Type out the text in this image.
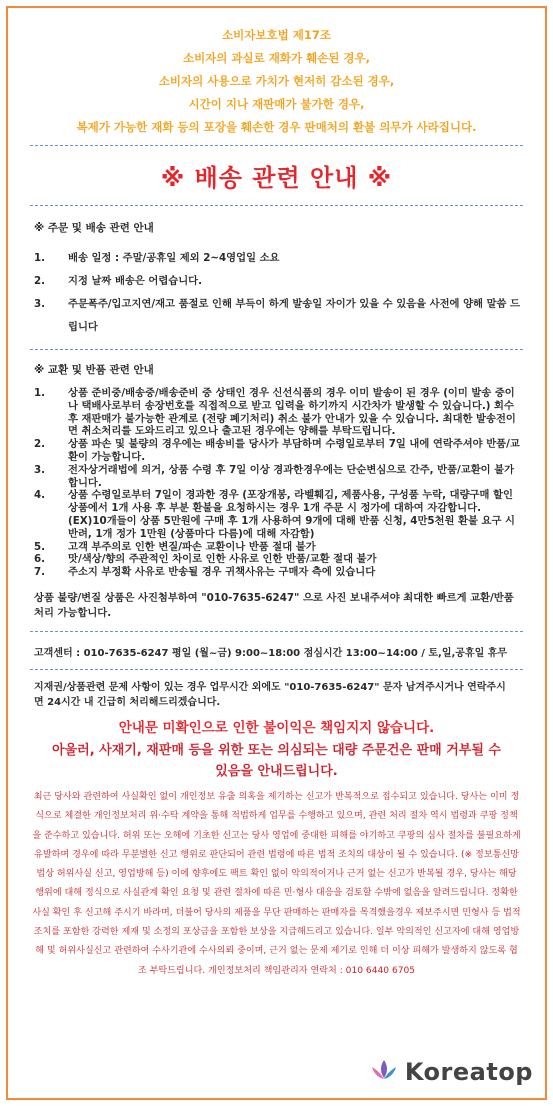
소비자보호법 제17조
소비자의 과실로 재화가 훼손된 경우,
소비자의 사용으로 가치가 현저히 감소된 경우,
시간이 지나 재판매가 불가한 경우,
복제가 가능한 재화 등의 포장을 훼손한 경우 판매처의 환불 의무가 사라집니다.
※ 배송 관련 안내 ※
※ 주문 및 배송 관련 안내
1. 배송 일정 : 주말/공휴일 제외 2~4영업일 소요
2. 지정 날짜 배송은 어렵습니다.
3. 주문폭주/입고지연/재고 품절로 인해 부득이 하게 발송일 자이가 있을 수 있음을 사전에 양해 말씀 드립니다
※ 교환 및 반품 관련 안내
1. 상품 준비중/배송중/배송준비 중 상태인 경우 신선식품의 경우 이미 발송이 된 경우 (이미 발송 중이나 택배사로부터 송장번호를 직접적으로 받고 입력을 하기까지 시간차가 발생할 수 있습니다.) 회수 후 재판매가 불가능한 관계로 (전량 폐기처리) 취소 불가 안내가 있을 수 있습니다. 최대한 발송전이면 취소처리를 도와드리고 있으나 출고된 경우에는 양해를 부탁드립니다.
2. 상품 파손 및 불량의 경우에는 배송비를 당사가 부담하며 수령일로부터 7일 내에 연락주셔야 반품/교환이 가능합니다.
3. 전자상거래법에 의거, 상품 수령 후 7일 이상 경과한경우에는 단순변심으로 간주, 반품/교환이 불가합니다.
4. 상품 수령일로부터 7일이 경과한 경우 (포장개봉, 라벨훼김, 제품사용, 구성품 누락, 대량구매 할인상품에서 1개 사용 후 부분 환불을 요청하시는 경우 1개 주문 시 정가에 대하여 자감합니다. (EX)10개들이 상품 5만원에 구매 후 1개 사용하여 9개에 대해 반품 신청, 4만5천원 환불 요구 시 반려, 1개 정가 1만원 (상품마다 다름)에 대해 자감함)
5. 고객 부주의로 인한 변질/파손 교환이나 반품 절대 불가
6. 맛/색상/향의 주관적인 차이로 인한 사유로 인한 반품/교환 절대 불가
7. 주소지 부정확 사유로 반송될 경우 귀책사유는 구매자 측에 있습니다
상품 불량/변질 상품은 사진첨부하여 "010-7635-6247" 으로 사진 보내주셔야 최대한 빠르게 교환/반품 처리 가능합니다.
고객센터 : 010-7635-6247 평일 (월~금) 9:00~18:00 점심시간 13:00~14:00 / 토,일,공휴일 휴무
지재권/상품관련 문제 사항이 있는 경우 업무시간 외에도 "010-7635-6247" 문자 남겨주시거나 연락주시면 24시간 내 긴급히 처리해드리겠습니다.
안내문 미확인으로 인한 불이익은 책임지지 않습니다.
아울러, 사재기, 재판매 등을 위한 또는 의심되는 대량 주문건은 판매 거부될 수 있음을 안내드립니다.
최근 당사와 관련하여 사실확인 없이 개인정보 유출 의혹을 제기하는 신고가 반복적으로 접수되고 있습니다. 당사는 이미 정식으로 체결한 개인정보처리 위·수탁 계약을 통해 적법하게 업무를 수행하고 있으며, 관련 처리 절차 역시 법령과 쿠팡 정책을 준수하고 있습니다. 허위 또는 오해에 기초한 신고는 당사 영업에 중대한 피해를 야기하고 쿠팡의 심사 절차를 불필요하게 유발하며 경우에 따라 무분별한 신고 행위로 판단되어 관련 법령에 따른 법적 조치의 대상이 될 수 있습니다. (※ 정보통신망법상 허위사실 신고, 영업방해 등) 이에 향후에도 팩트 확인 없이 악의적이거나 근거 없는 신고가 반복될 경우, 당사는 해당 행위에 대해 정식으로 사실관계 확인 요청 및 관련 절차에 따른 민·형사 대응을 검토할 수밖에 없음을 알려드립니다. 정확한 사실 확인 후 신고해 주시기 바라며, 더불어 당사의 제품을 무단 판매하는 판매자를 목격했을경우 제보주시면 민형사 등 법적조치를 포함한 강력한 제재 및 소정의 포상금을 포함한 보상을 지급해드리고 있습니다. 일부 악의적인 신고자에 대해 영업방해 및 허위사실신고 관련하여 수사기관에 수사의뢰 중이며, 근거 없는 문제 제기로 인해 더 이상 피해가 발생하지 않도록 협조 부탁드립니다. 개인정보처리 책임관리자 연락처 : 010 6440 6705
Koreatop
